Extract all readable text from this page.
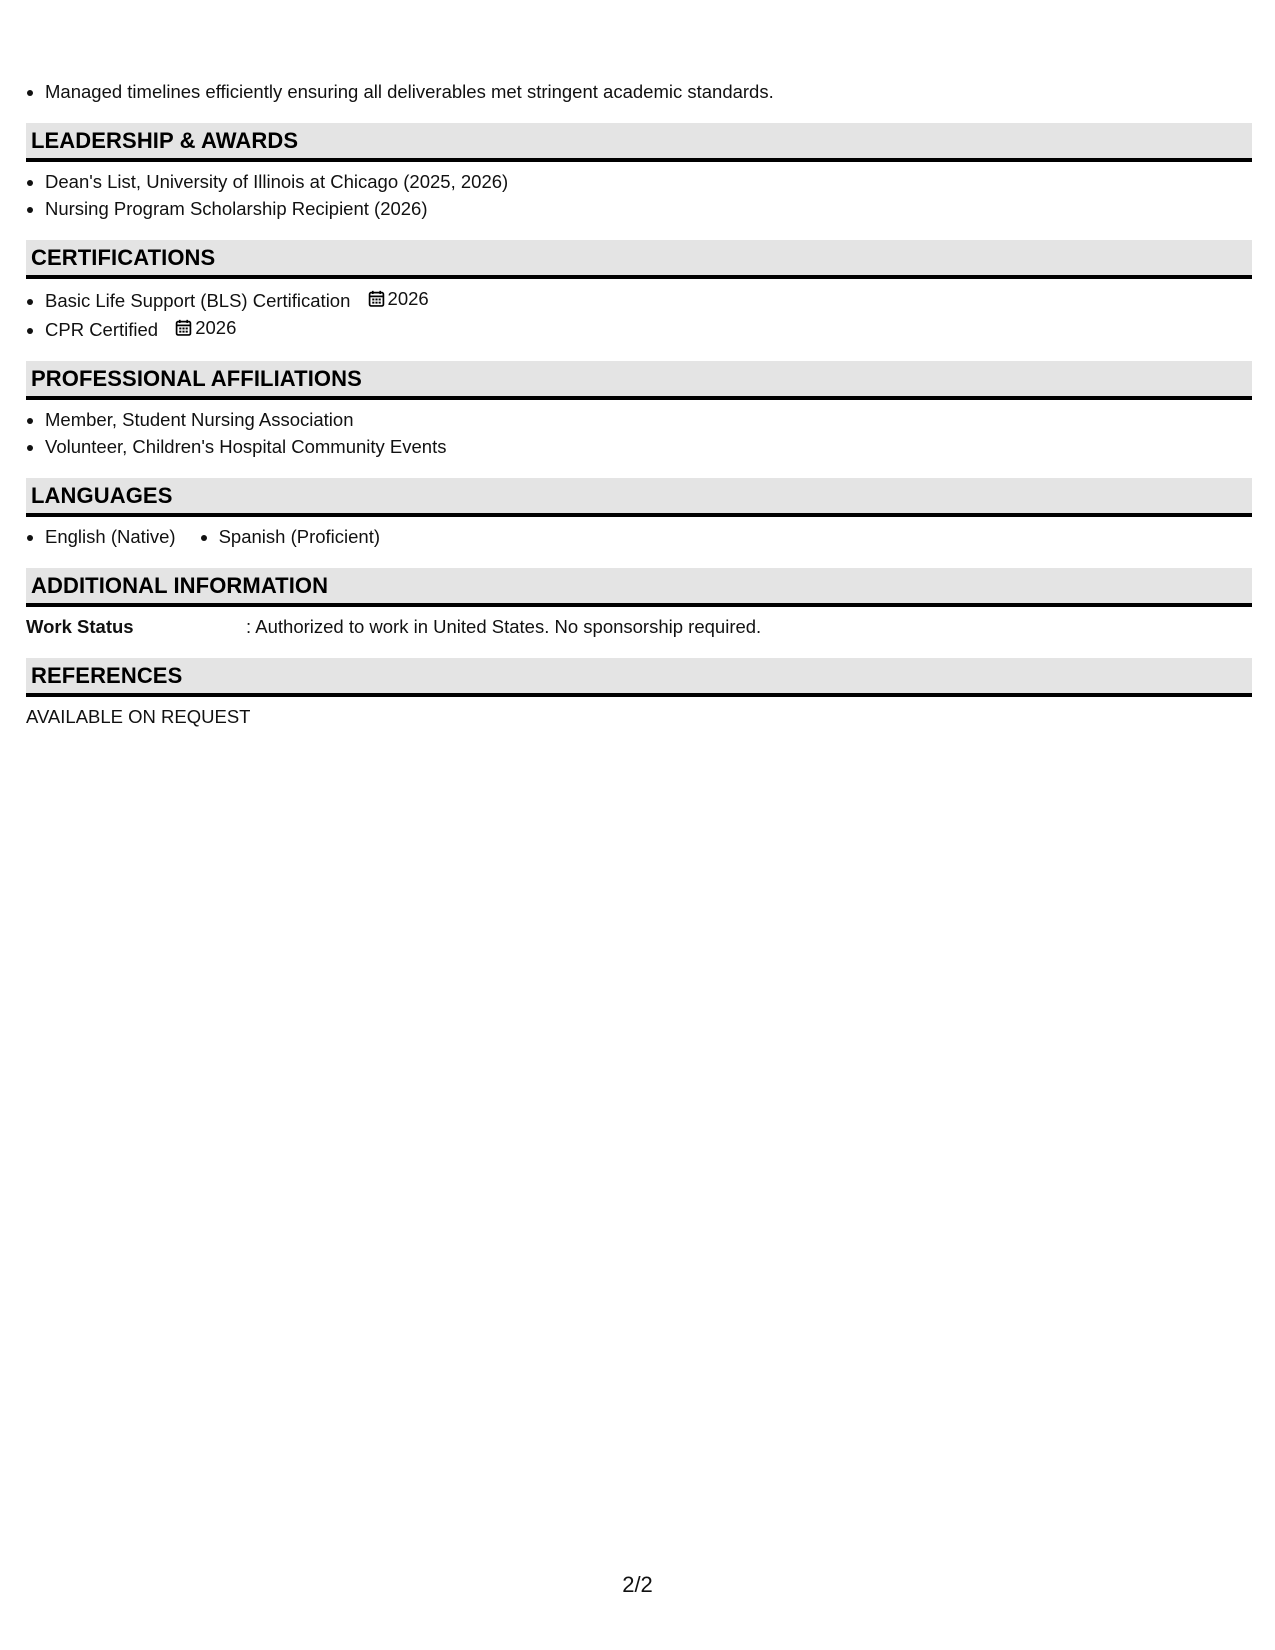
• Managed timelines efficiently ensuring all deliverables met stringent academic standards.
LEADERSHIP & AWARDS
• Dean's List, University of Illinois at Chicago (2025, 2026)
• Nursing Program Scholarship Recipient (2026)
CERTIFICATIONS
• Basic Life Support (BLS) Certification 2026
• CPR Certified 2026
PROFESSIONAL AFFILIATIONS
• Member, Student Nursing Association
• Volunteer, Children's Hospital Community Events
LANGUAGES
• English (Native)
• Spanish (Proficient)
ADDITIONAL INFORMATION
Work Status	: Authorized to work in United States. No sponsorship required.
REFERENCES
AVAILABLE ON REQUEST
2/2
